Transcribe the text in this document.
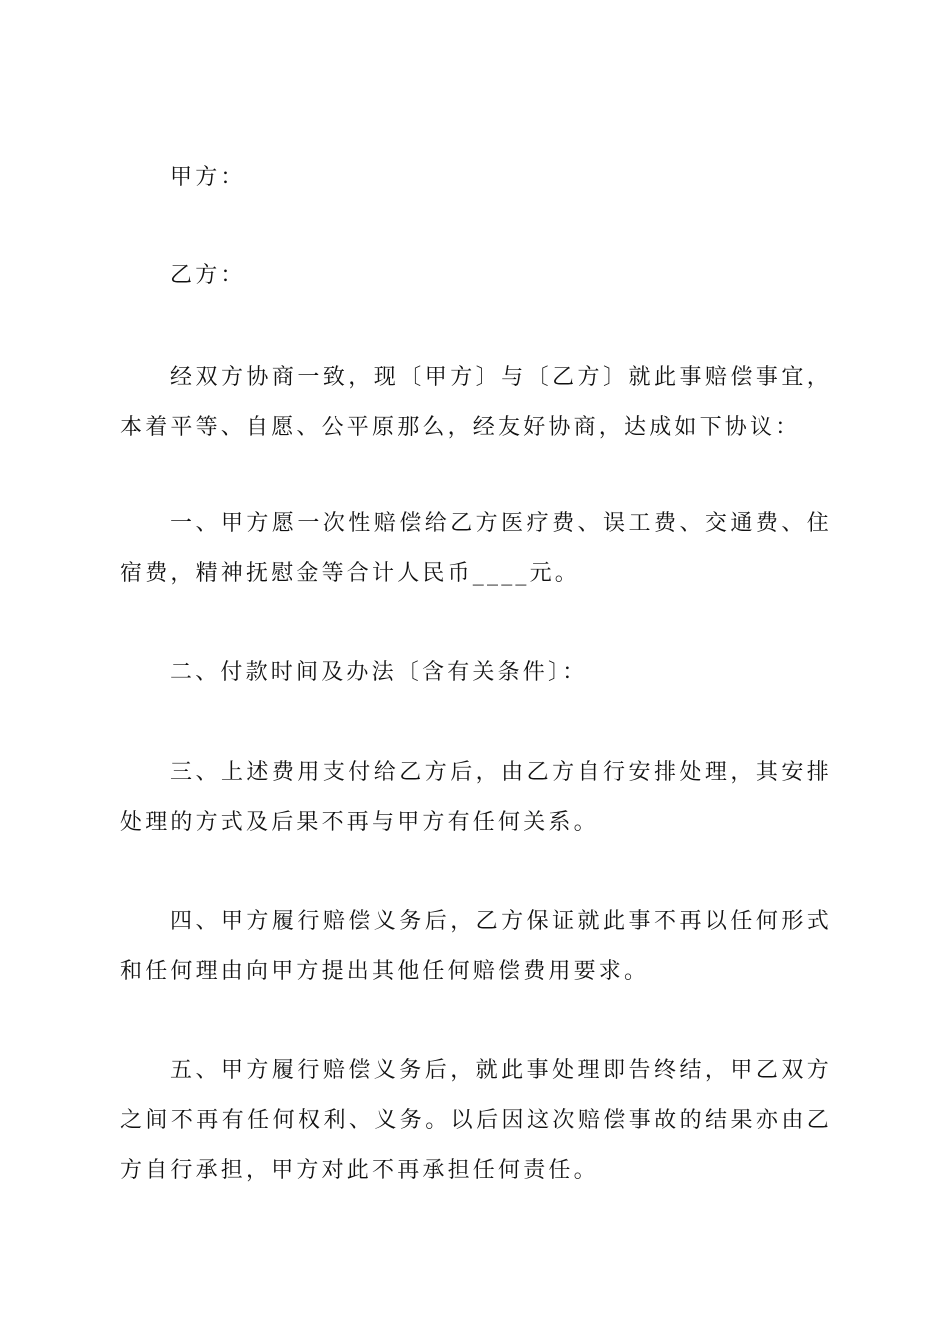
甲方：

乙方：

经双方协商一致，现〔甲方〕与〔乙方〕就此事赔偿事宜，本着平等、自愿、公平原那么，经友好协商，达成如下协议：

一、甲方愿一次性赔偿给乙方医疗费、误工费、交通费、住宿费，精神抚慰金等合计人民币____元。

二、付款时间及办法〔含有关条件〕：

三、上述费用支付给乙方后，由乙方自行安排处理，其安排处理的方式及后果不再与甲方有任何关系。

四、甲方履行赔偿义务后，乙方保证就此事不再以任何形式和任何理由向甲方提出其他任何赔偿费用要求。

五、甲方履行赔偿义务后，就此事处理即告终结，甲乙双方之间不再有任何权利、义务。以后因这次赔偿事故的结果亦由乙方自行承担，甲方对此不再承担任何责任。
